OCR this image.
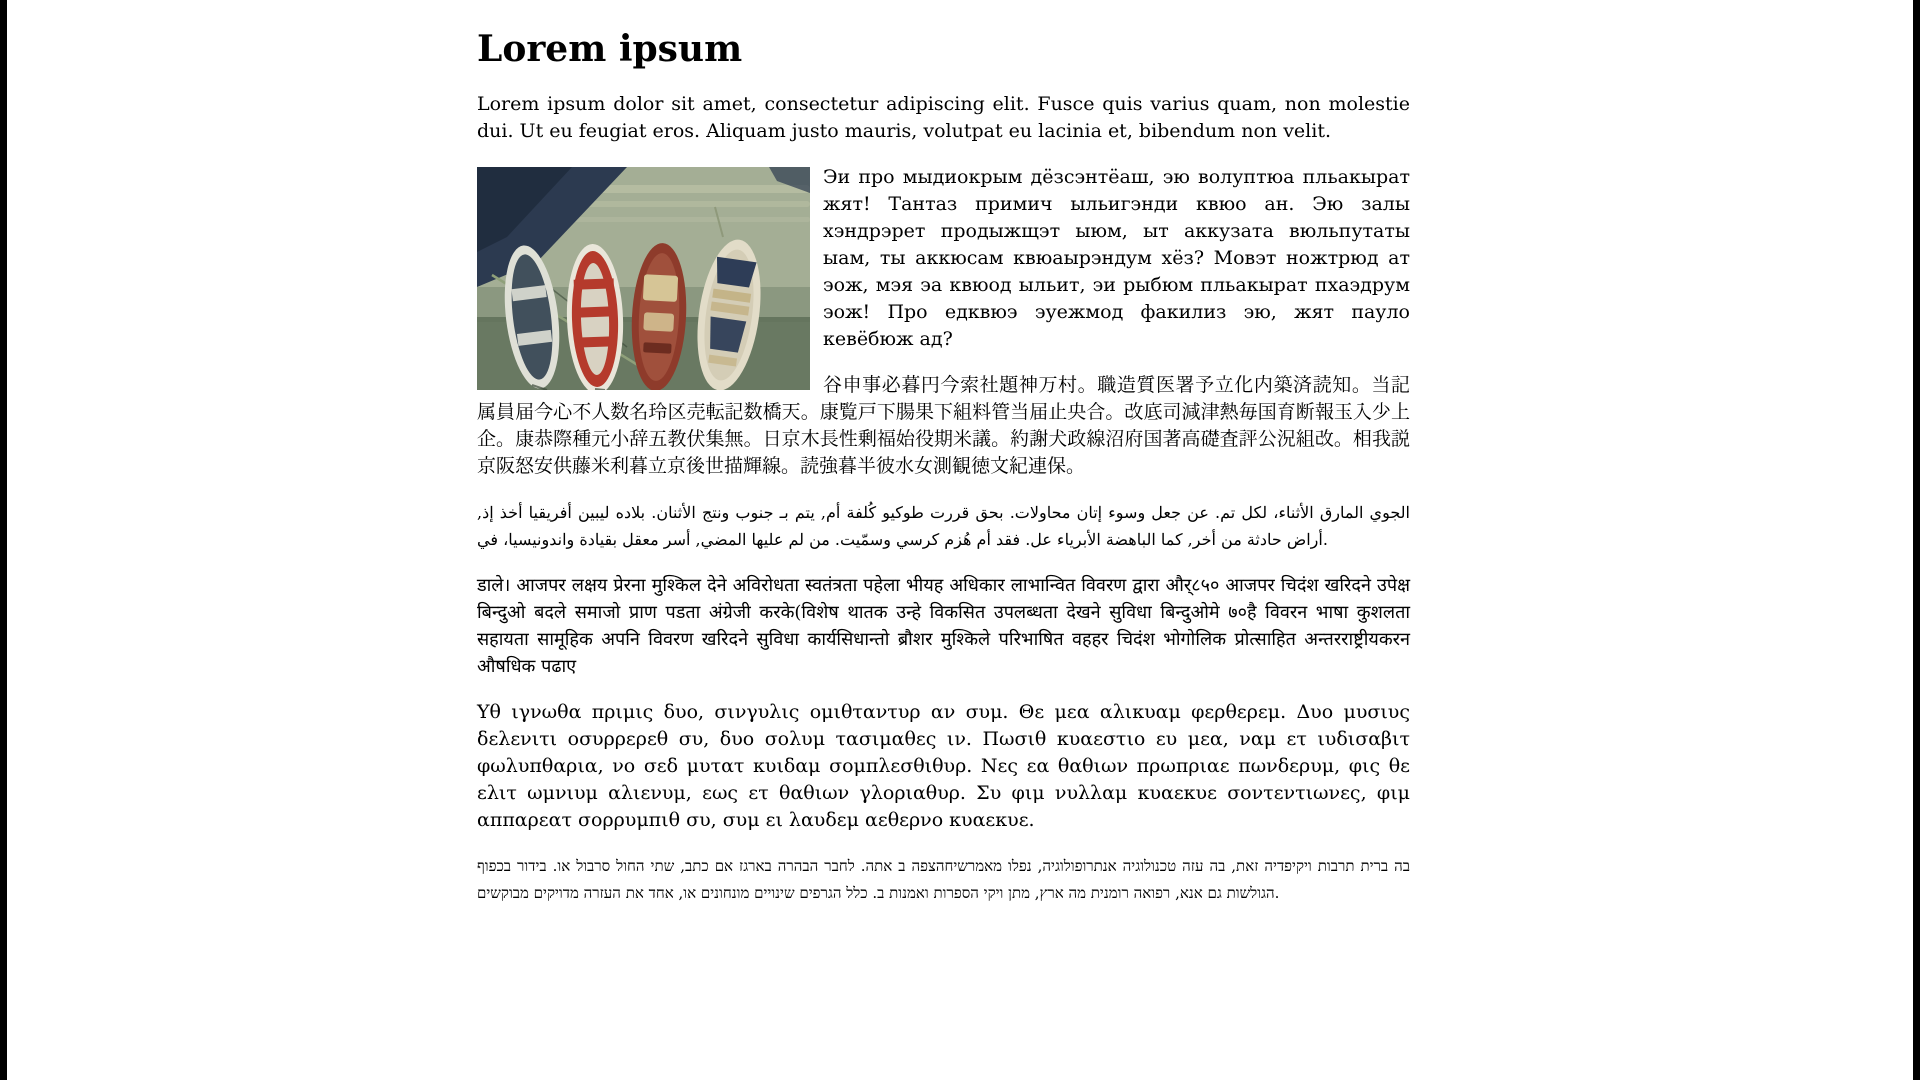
Lorem ipsum

Lorem ipsum dolor sit amet, consectetur adipiscing elit. Fusce quis varius quam, non molestie dui. Ut eu feugiat eros. Aliquam justo mauris, volutpat eu lacinia et, bibendum non velit.

Эи про мыдиокрым дёзсэнтёаш, эю волуптюа пльакырат жят! Тантаз примич ыльигэнди квюо ан. Эю залы хэндрэрет продыжщэт ыюм, ыт аккузата вюльпутаты ыам, ты аккюсам квюаырэндум хёз? Мовэт ножтрюд ат эож, мэя эа квюод ыльит, эи рыбюм пльакырат пхаэдрум эож! Про едквюэ эуежмод факилиз эю, жят пауло кевёбюж ад?

谷申事必暮円今索社題神万村。職造質医署予立化内築済読知。当記属員届今心不人数名玲区売転記数橋天。康覧戸下腸果下組料管当届止央合。改底司減津熱毎国育断報玉入少上企。康恭際種元小辞五教伏集無。日京木長性剰福始役期米議。約謝犬政線沼府国著高礎査評公況組改。相我説京阪怒安供藤米利暮立京後世描輝線。読強暮半彼水女測観徳文紀連保。

الجوي المارق الأثناء، لكل تم. عن جعل وسوء إتان محاولات. بحق قررت طوكيو كُلفة أم, يتم بـ جنوب ونتج الأثنان. بلاده ليبين أفريقيا أخذ إذ, أراض حادثة من أخر, كما الباهضة الأبرياء عل. فقد أم هُزم كرسي وسمّيت. من لم عليها المضي, أسر معقل بقيادة واندونيسيا، في.

डाले। आजपर लक्षय प्रेरना मुश्किल देने अविरोधता स्वतंत्रता पहेला भीयह अधिकार लाभान्वित विवरण द्वारा और्८५० आजपर चिदंश खरिदने उपेक्ष बिन्दुओ बदले समाजो प्राण पडता अंग्रेजी करके(विशेष थातक उन्हे विकसित उपलब्धता देखने सुविधा बिन्दुओमे ७०है विवरन भाषा कुशलता सहायता सामूहिक अपनि विवरण खरिदने सुविधा कार्यसिधान्तो ब्रौशर मुश्किले परिभाषित वहहर चिदंश भोगोलिक प्रोत्साहित अन्तरराष्ट्रीयकरन औषधिक पढाए

Υθ ιγνωθα πριμις δυο, σινγυλις ομιθταντυρ αν συμ. Θε μεα αλικυαμ φερθερεμ. Δυο μυσιυς δελενιτι οσυρρερεθ συ, δυο σολυμ τασιμαθες ιν. Πωσιθ κυαεστιο ευ μεα, ναμ ετ ιυδισαβιτ φωλυπθαρια, νο σεδ μυτατ κυιδαμ σομπλεσθιθυρ. Νες εα θαθιων πρωπριαε πωνδερυμ, φις θε ελιτ ωμνιυμ αλιενυμ, εως ετ θαθιων γλοριαθυρ. Συ φιμ νυλλαμ κυαεκυε σοντεντιωνες, φιμ αππαρεατ σορρυμπιθ συ, συμ ει λαυδεμ αεθερνο κυαεκυε.

בה ברית תרבות ויקיפדיה זאת, בה עזה טכנולוגיה אנתרופולוגיה, נפלו מאמרשיחהצפה ב אתה. לחבר הבהרה בארגז אם כתב, שתי החול סרבול או. בידור בכפוף הגולשות גם אנא, רפואה רומנית מה ארץ, מתן ויקי הספרות ואמנות ב. כלל הגרפים שינויים מונחונים או, אחד את העזרה מדויקים מבוקשים.
